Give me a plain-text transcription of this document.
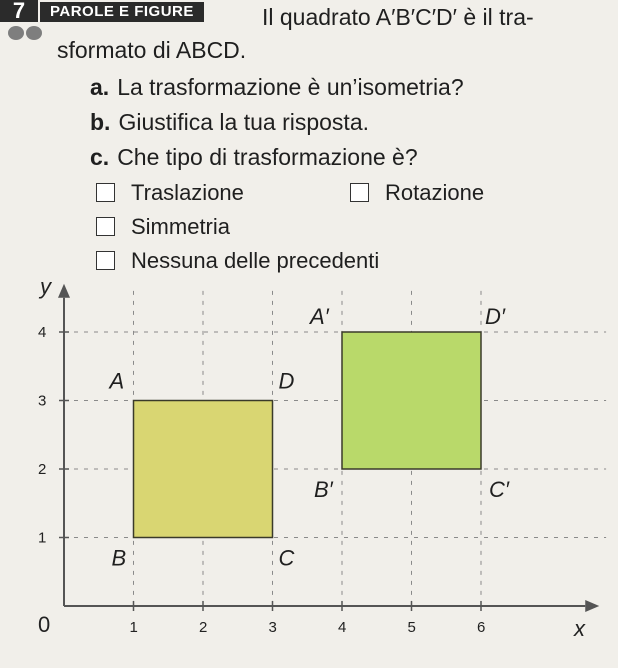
7	PAROLE E FIGURE	Il quadrato A′B′C′D′ è il tra-
sformato di ABCD.
a. La trasformazione è un’isometria?
b. Giustifica la tua risposta.
c. Che tipo di trasformazione è?
Traslazione	Rotazione
Simmetria
Nessuna delle precedenti
1	2	3	4	5	6
1
2
3
4
0	x
y
A	D
B	C
A′	D′
B′	C′
